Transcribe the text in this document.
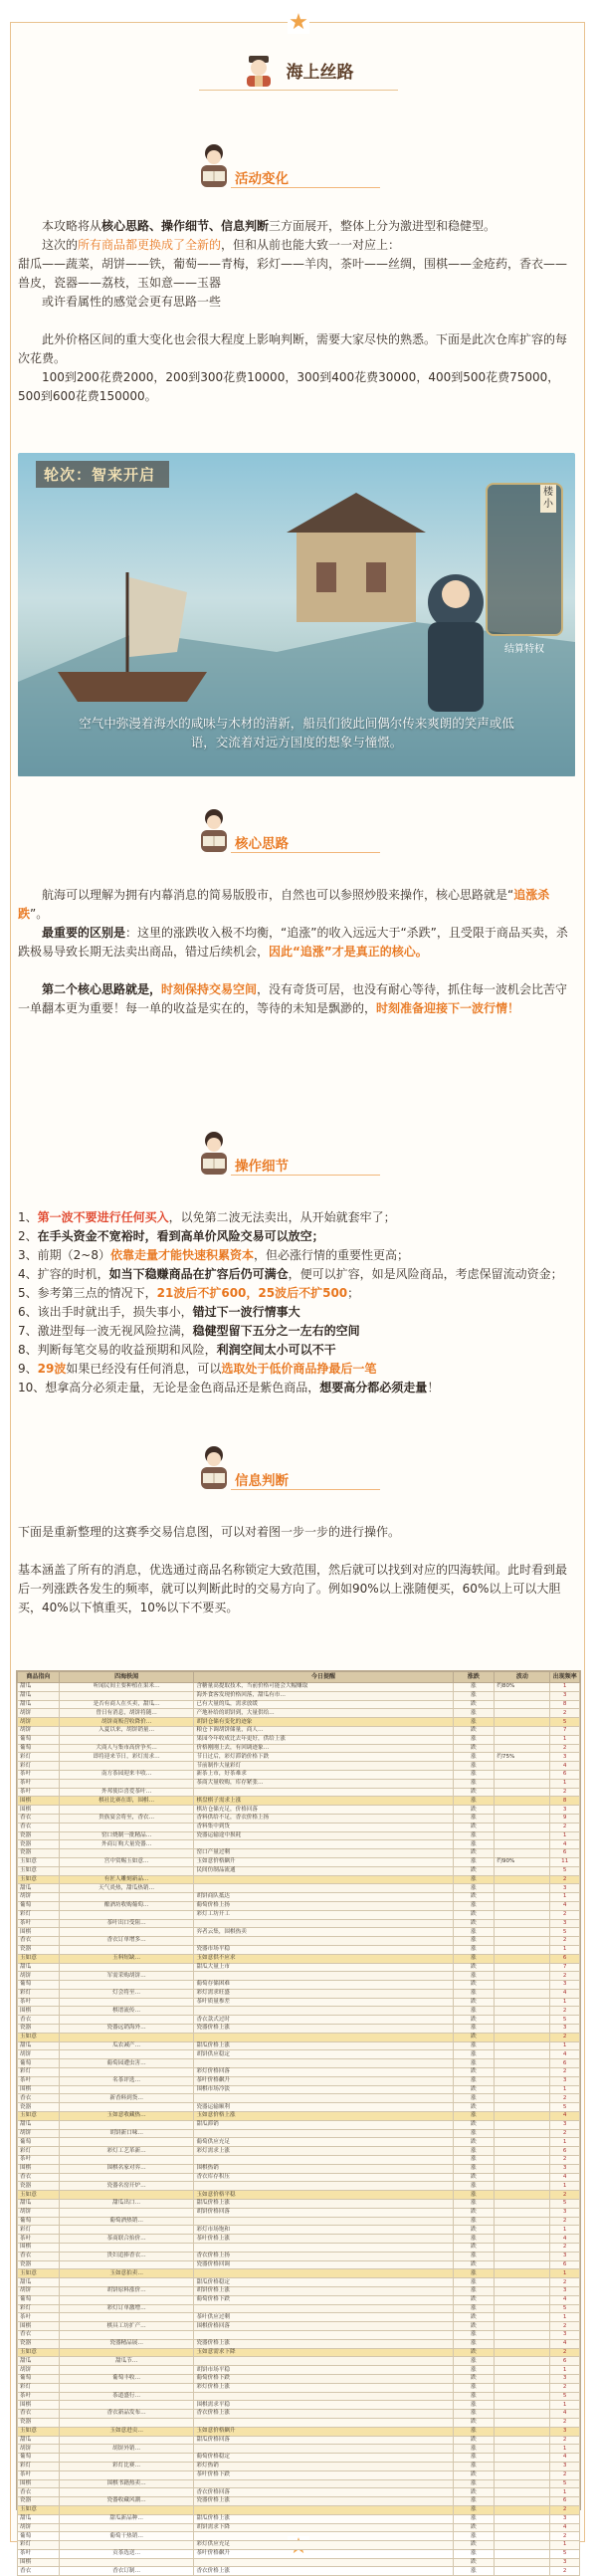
★
海上丝路
活动变化

本攻略将从核心思路、操作细节、信息判断三方面展开，整体上分为激进型和稳健型。

这次的所有商品都更换成了全新的，但和从前也能大致一一对应上：

甜瓜——蔬菜，胡饼——铁，葡萄——青梅，彩灯——羊肉，茶叶——丝绸，围棋——金疮药，香衣——兽皮，瓷器——荔枝，玉如意——玉器

或许看属性的感觉会更有思路一些

此外价格区间的重大变化也会很大程度上影响判断，需要大家尽快的熟悉。下面是此次仓库扩容的每次花费。

100到200花费2000，200到300花费10000，300到400花费30000，400到500花费75000，500到600花费150000。

轮次：智来开启
楼小
结算特权
空气中弥漫着海水的咸味与木材的清新，船员们彼此间偶尔传来爽朗的笑声或低语，交流着对远方国度的想象与憧憬。
核心思路

航海可以理解为拥有内幕消息的简易版股市，自然也可以参照炒股来操作，核心思路就是“追涨杀跌”。

最重要的区别是：这里的涨跌收入极不均衡，“追涨”的收入远远大于“杀跌”，且受限于商品买卖，杀跌极易导致长期无法卖出商品，错过后续机会，因此“追涨”才是真正的核心。

第二个核心思路就是，时刻保持交易空间，没有奇货可居，也没有耐心等待，抓住每一波机会比苦守一单翻本更为重要！每一单的收益是实在的，等待的未知是飘渺的，时刻准备迎接下一波行情！

操作细节

1、第一波不要进行任何买入，以免第二波无法卖出，从开始就套牢了；

2、在手头资金不宽裕时，看到高单价风险交易可以放空；

3、前期（2~8）依靠走量才能快速积累资本，但必涨行情的重要性更高；

4、扩容的时机，如当下稳赚商品在扩容后仍可满仓，便可以扩容，如是风险商品，考虑保留流动资金；

5、参考第三点的情况下，21波后不扩600，25波后不扩500；

6、该出手时就出手，损失事小，错过下一波行情事大

7、激进型每一波无视风险拉满，稳健型留下五分之一左右的空间

8、判断每笔交易的收益预期和风险，利润空间太小可以不干

9、29波如果已经没有任何消息，可以选取处于低价商品挣最后一笔

10、想拿高分必须走量，无论是金色商品还是紫色商品，想要高分都必须走量！

信息判断

下面是重新整理的这赛季交易信息图，可以对着图一步一步的进行操作。

基本涵盖了所有的消息，优选通过商品名称锁定大致范围，然后就可以找到对应的四海轶闻。此时看到最后一列涨跌各发生的频率，就可以判断此时的交易方向了。例如90%以上涨随便买，60%以上可以大胆买，40%以下慎重买，10%以下不要买。

商品指向	四海轶闻	今日提醒	涨跌	波动	出现频率
甜瓜	听闻民间主要种植在果米…	含糖量高提取技术，当前价格可能会大幅赚取	涨	约80%	1
甜瓜		海外食客发现价格回落，甜瓜有市…	涨		3
甜瓜	是否有商人在买卖，甜瓜…	已有大量的瓜，需求放缓	跌		8
胡饼	曾日有消息，胡饼将随…	产地补给的胡饼到，大量供给…	涨		2
胡饼	胡饼商贩营收降价…	胡饼仓储有变化的迹象	涨		5
胡饼	入夏以来，胡饼销量…	粮仓下调胡饼储量，商人…	跌		7
葡萄		果园今年收成比去年更好，供给上涨	涨		1
葡萄	大商人与集市高价争买…	价格刚刚上去，有回调迹象…	跌		2
彩灯	即将迎来节日，彩灯需求…	节日过后，彩灯滞销价格下跌	涨	约75%	3
彩灯		节前制作大量彩灯	涨		4
茶叶	南方茶园迎来丰收…	新茶上市，好茶难求	涨		6
茶叶		茶商大量收购，库存紧张…	涨		1
茶叶	外邦使臣喜爱茶叶…		跌		2
围棋	棋社比赛在即，围棋…	棋盘棋子需求上涨	涨		8
围棋		棋坊仓储充足，价格回落	跌		3
香衣	贵族宴会将至，香衣…	香料供给不足，香衣价格上扬	涨		9
香衣		香料集中到货	跌		2
瓷器	窑口烧制一批精品…	瓷器运输途中损耗	涨		1
瓷器	外商订购大量瓷器…		涨		4
瓷器		窑口产量过剩	跌		6
玉如意	宫中赏赐玉如意…	玉如意价格飙升	涨	约90%	11
玉如意		民间仿制品流通	跌		5
玉如意	有匠人雕刻新品…		涨		2
甜瓜	天气炎热，甜瓜热销…		涨		3
胡饼		胡饼商队抵达	跌		1
葡萄	酿酒坊收购葡萄…	葡萄价格上扬	涨		4
彩灯		彩灯工坊开工	跌		2
茶叶	茶叶出口受阻…		跌		3
围棋		弈者云集，围棋热卖	涨		5
香衣	香衣订单增多…		涨		2
瓷器		瓷器市场平稳	涨		1
玉如意	玉料短缺…	玉如意供不应求	涨		6
甜瓜		甜瓜大量上市	跌		7
胡饼	军需采购胡饼…		涨		2
葡萄		葡萄存储困难	跌		3
彩灯	灯会将至…	彩灯需求旺盛	涨		4
茶叶		茶叶质量参差	跌		1
围棋	棋谱流传…		涨		2
香衣		香衣款式过时	跌		5
瓷器	瓷器远销海外…	瓷器价格上涨	涨		3
玉如意			跌		2
甜瓜	瓜农减产…	甜瓜价格上涨	涨		1
胡饼		胡饼供应稳定	涨		4
葡萄	葡萄园遭虫害…		涨		6
彩灯		彩灯价格回落	跌		2
茶叶	名茶评选…	茶叶价格飙升	涨		3
围棋		围棋市场冷淡	跌		1
香衣	新香料到货…		涨		2
瓷器		瓷器运输顺利	跌		5
玉如意	玉如意收藏热…	玉如意价格上涨	涨		4
甜瓜		甜瓜滞销	跌		3
胡饼	胡饼新口味…		涨		2
葡萄		葡萄供应充足	跌		1
彩灯	彩灯工艺革新…	彩灯需求上涨	涨		6
茶叶			涨		2
围棋	围棋名家对弈…	围棋热销	涨		3
香衣		香衣库存积压	跌		4
瓷器	瓷器名窑开炉…		涨		1
玉如意		玉如意价格平稳	涨		2
甜瓜	甜瓜出口…	甜瓜价格上涨	涨		5
胡饼		胡饼价格回落	跌		3
葡萄	葡萄酒热销…		涨		2
彩灯		彩灯市场饱和	跌		1
茶叶	茶商联合抬价…	茶叶价格上涨	涨		4
围棋			跌		2
香衣	贵妇追捧香衣…	香衣价格上扬	涨		3
瓷器		瓷器价格回调	跌		6
玉如意	玉如意拍卖…		涨		1
甜瓜		甜瓜价格稳定	涨		2
胡饼	胡饼原料涨价…	胡饼价格上涨	涨		3
葡萄		葡萄价格下跌	跌		4
彩灯	彩灯订单激增…		涨		5
茶叶		茶叶供应过剩	跌		1
围棋	棋具工坊扩产…	围棋价格回落	跌		2
香衣			涨		3
瓷器	瓷器精品展…	瓷器价格上涨	涨		4
玉如意		玉如意需求下降	跌		2
甜瓜	甜瓜节…		涨		6
胡饼		胡饼市场平稳	涨		1
葡萄	葡萄丰收…	葡萄价格下跌	跌		3
彩灯		彩灯价格上涨	涨		2
茶叶	茶道盛行…		涨		5
围棋		围棋需求平稳	涨		1
香衣	香衣新品发布…	香衣价格上涨	涨		4
瓷器			跌		2
玉如意	玉如意进贡…	玉如意价格飙升	涨		3
甜瓜		甜瓜价格回落	跌		2
胡饼	胡饼外销…		涨		1
葡萄		葡萄价格稳定	涨		4
彩灯	彩灯比赛…	彩灯热销	涨		3
茶叶		茶叶价格下跌	跌		2
围棋	围棋书籍热卖…		涨		5
香衣		香衣价格回落	跌		1
瓷器	瓷器收藏风潮…	瓷器价格上涨	涨		6
玉如意			涨		2
甜瓜	甜瓜新品种…	甜瓜价格上涨	涨		3
胡饼		胡饼需求下降	跌		4
葡萄	葡萄干热销…		涨		2
彩灯		彩灯供应充足	跌		1
茶叶	贡茶选送…	茶叶价格飙升	涨		5
围棋			跌		3
香衣	香衣订制…	香衣价格上涨	涨		2
